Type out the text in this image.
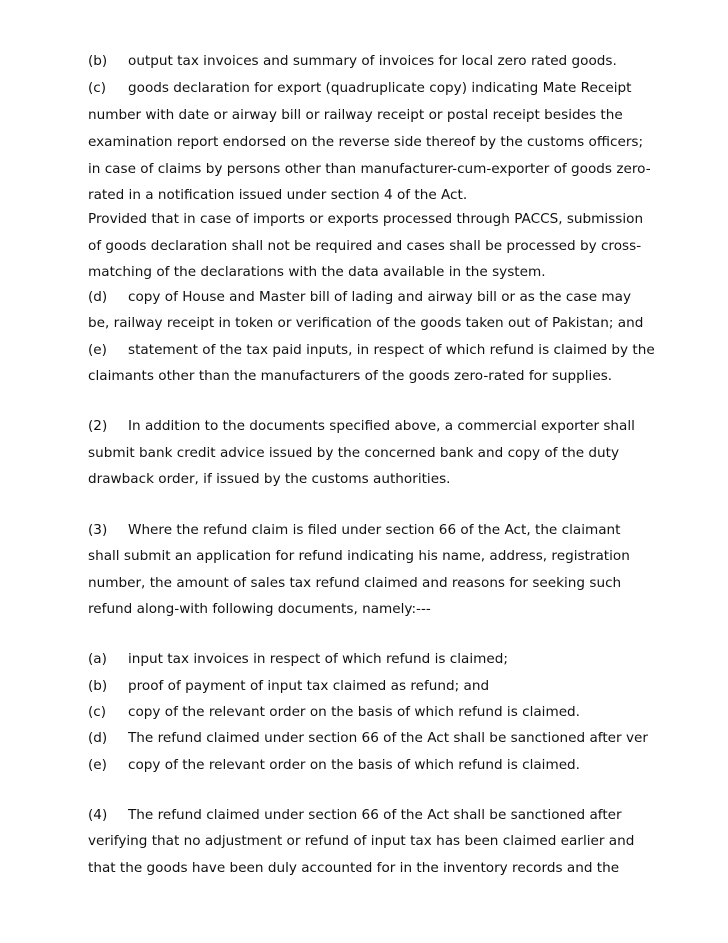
(b) output tax invoices and summary of invoices for local zero rated goods.
(c) goods declaration for export (quadruplicate copy) indicating Mate Receipt
number with date or airway bill or railway receipt or postal receipt besides the
examination report endorsed on the reverse side thereof by the customs officers;
in case of claims by persons other than manufacturer-cum-exporter of goods zero-
rated in a notification issued under section 4 of the Act.
Provided that in case of imports or exports processed through PACCS, submission
of goods declaration shall not be required and cases shall be processed by cross-
matching of the declarations with the data available in the system.
(d) copy of House and Master bill of lading and airway bill or as the case may
be, railway receipt in token or verification of the goods taken out of Pakistan; and
(e) statement of the tax paid inputs, in respect of which refund is claimed by the
claimants other than the manufacturers of the goods zero-rated for supplies.
(2) In addition to the documents specified above, a commercial exporter shall
submit bank credit advice issued by the concerned bank and copy of the duty
drawback order, if issued by the customs authorities.
(3) Where the refund claim is filed under section 66 of the Act, the claimant
shall submit an application for refund indicating his name, address, registration
number, the amount of sales tax refund claimed and reasons for seeking such
refund along-with following documents, namely:---
(a) input tax invoices in respect of which refund is claimed;
(b) proof of payment of input tax claimed as refund; and
(c) copy of the relevant order on the basis of which refund is claimed.
(d) The refund claimed under section 66 of the Act shall be sanctioned after ver
(e) copy of the relevant order on the basis of which refund is claimed.
(4) The refund claimed under section 66 of the Act shall be sanctioned after
verifying that no adjustment or refund of input tax has been claimed earlier and
that the goods have been duly accounted for in the inventory records and the
